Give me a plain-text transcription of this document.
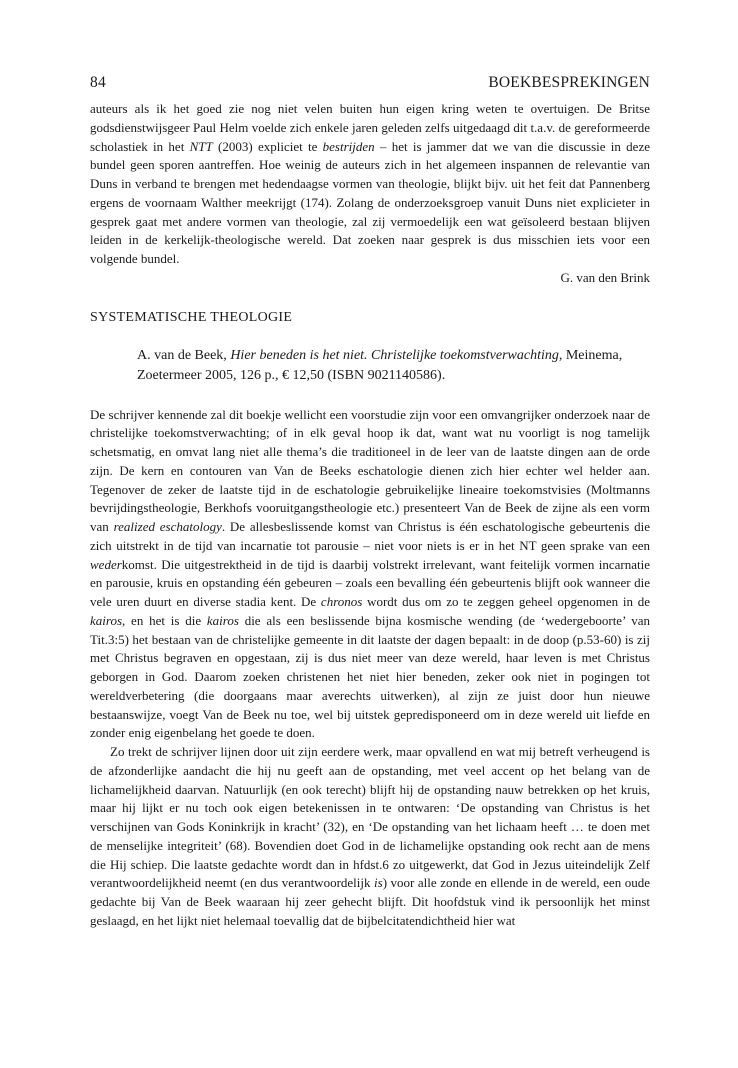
84	BOEKBESPREKINGEN

auteurs als ik het goed zie nog niet velen buiten hun eigen kring weten te overtuigen. De Britse godsdienstwijsgeer Paul Helm voelde zich enkele jaren geleden zelfs uitgedaagd dit t.a.v. de gereformeerde scholastiek in het NTT (2003) expliciet te bestrijden – het is jammer dat we van die discussie in deze bundel geen sporen aantreffen. Hoe weinig de auteurs zich in het algemeen inspannen de relevantie van Duns in verband te brengen met hedendaagse vormen van theologie, blijkt bijv. uit het feit dat Pannenberg ergens de voornaam Walther meekrijgt (174). Zolang de onderzoeksgroep vanuit Duns niet explicieter in gesprek gaat met andere vormen van theologie, zal zij vermoedelijk een wat geïsoleerd bestaan blijven leiden in de kerkelijk-theologische wereld. Dat zoeken naar gesprek is dus misschien iets voor een volgende bundel.

G. van den Brink
SYSTEMATISCHE THEOLOGIE
A. van de Beek, Hier beneden is het niet. Christelijke toekomstverwachting, Meinema, Zoetermeer 2005, 126 p., € 12,50 (ISBN 9021140586).

De schrijver kennende zal dit boekje wellicht een voorstudie zijn voor een omvangrijker onderzoek naar de christelijke toekomstverwachting; of in elk geval hoop ik dat, want wat nu voorligt is nog tamelijk schetsmatig, en omvat lang niet alle thema’s die traditioneel in de leer van de laatste dingen aan de orde zijn. De kern en contouren van Van de Beeks eschatologie dienen zich hier echter wel helder aan. Tegenover de zeker de laatste tijd in de eschatologie gebruikelijke lineaire toekomstvisies (Moltmanns bevrijdingstheologie, Berkhofs vooruitgangstheologie etc.) presenteert Van de Beek de zijne als een vorm van realized eschatology. De allesbeslissende komst van Christus is één eschatologische gebeurtenis die zich uitstrekt in de tijd van incarnatie tot parousie – niet voor niets is er in het NT geen sprake van een wederkomst. Die uitgestrektheid in de tijd is daarbij volstrekt irrelevant, want feitelijk vormen incarnatie en parousie, kruis en opstanding één gebeuren – zoals een bevalling één gebeurtenis blijft ook wanneer die vele uren duurt en diverse stadia kent. De chronos wordt dus om zo te zeggen geheel opgenomen in de kairos, en het is die kairos die als een beslissende bijna kosmische wending (de ‘wedergeboorte’ van Tit.3:5) het bestaan van de christelijke gemeente in dit laatste der dagen bepaalt: in de doop (p.53-60) is zij met Christus begraven en opgestaan, zij is dus niet meer van deze wereld, haar leven is met Christus geborgen in God. Daarom zoeken christenen het niet hier beneden, zeker ook niet in pogingen tot wereldverbetering (die doorgaans maar averechts uitwerken), al zijn ze juist door hun nieuwe bestaanswijze, voegt Van de Beek nu toe, wel bij uitstek gepredisponeerd om in deze wereld uit liefde en zonder enig eigenbelang het goede te doen.

Zo trekt de schrijver lijnen door uit zijn eerdere werk, maar opvallend en wat mij betreft verheugend is de afzonderlijke aandacht die hij nu geeft aan de opstanding, met veel accent op het belang van de lichamelijkheid daarvan. Natuurlijk (en ook terecht) blijft hij de opstanding nauw betrekken op het kruis, maar hij lijkt er nu toch ook eigen betekenissen in te ontwaren: ‘De opstanding van Christus is het verschijnen van Gods Koninkrijk in kracht’ (32), en ‘De opstanding van het lichaam heeft … te doen met de menselijke integriteit’ (68). Bovendien doet God in de lichamelijke opstanding ook recht aan de mens die Hij schiep. Die laatste gedachte wordt dan in hfdst.6 zo uitgewerkt, dat God in Jezus uiteindelijk Zelf verantwoordelijkheid neemt (en dus verantwoordelijk is) voor alle zonde en ellende in de wereld, een oude gedachte bij Van de Beek waaraan hij zeer gehecht blijft. Dit hoofdstuk vind ik persoonlijk het minst geslaagd, en het lijkt niet helemaal toevallig dat de bijbelcitatendichtheid hier wat
